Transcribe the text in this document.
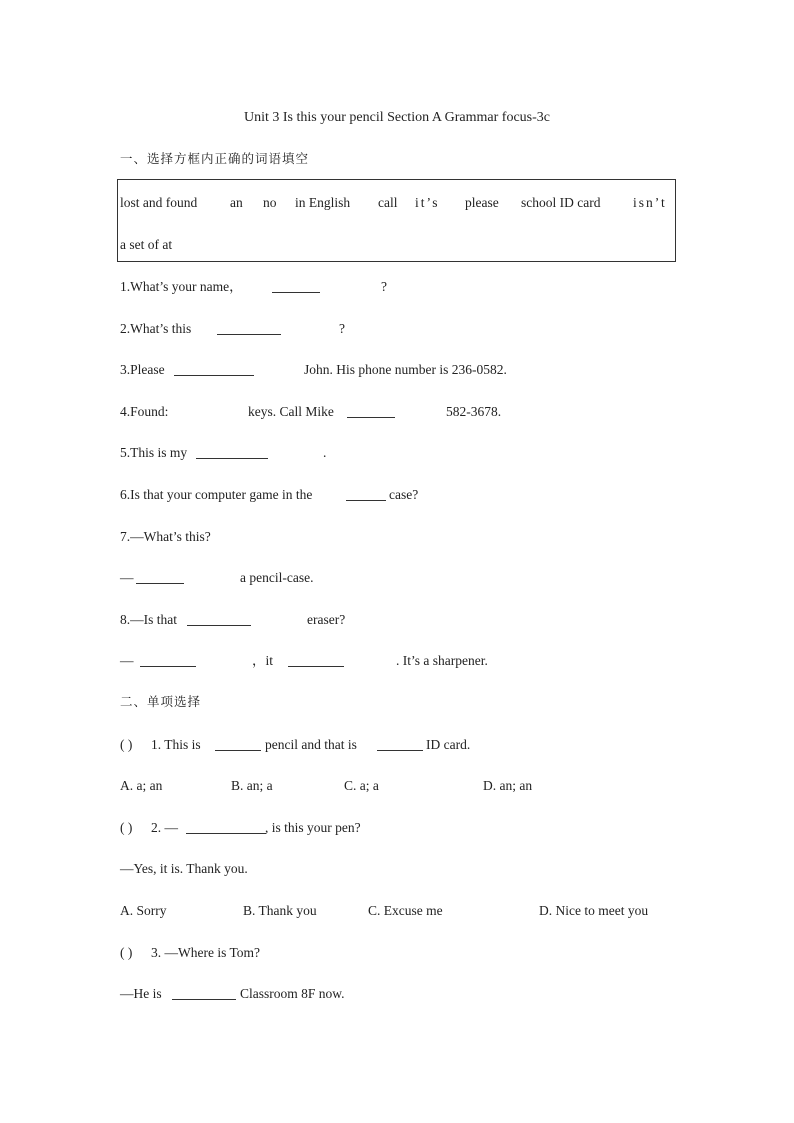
Unit 3 Is this your pencil Section A Grammar focus-3c
一、选择方框内正确的词语填空
lost and found an no in English call it’s please school ID card isn’t
a set of at
1.What’s your name，	?
2.What’s this	?
3.Please	John. His phone number is 236-0582.
4.Found:	keys. Call Mike	582-3678.
5.This is my	.
6.Is that your computer game in the	case?
7.—What’s this?
—	a pencil-case.
8.—Is that	eraser?
—	，it	. It’s a sharpener.
二、单项选择
( ) 1. This is	pencil and that is	ID card.
A. a; an	B. an; a	C. a; a	D. an; an
( ) 2. —	, is this your pen?
—Yes, it is. Thank you.
A. Sorry	B. Thank you	C. Excuse me	D. Nice to meet you
( ) 3. —Where is Tom?
—He is	Classroom 8F now.
